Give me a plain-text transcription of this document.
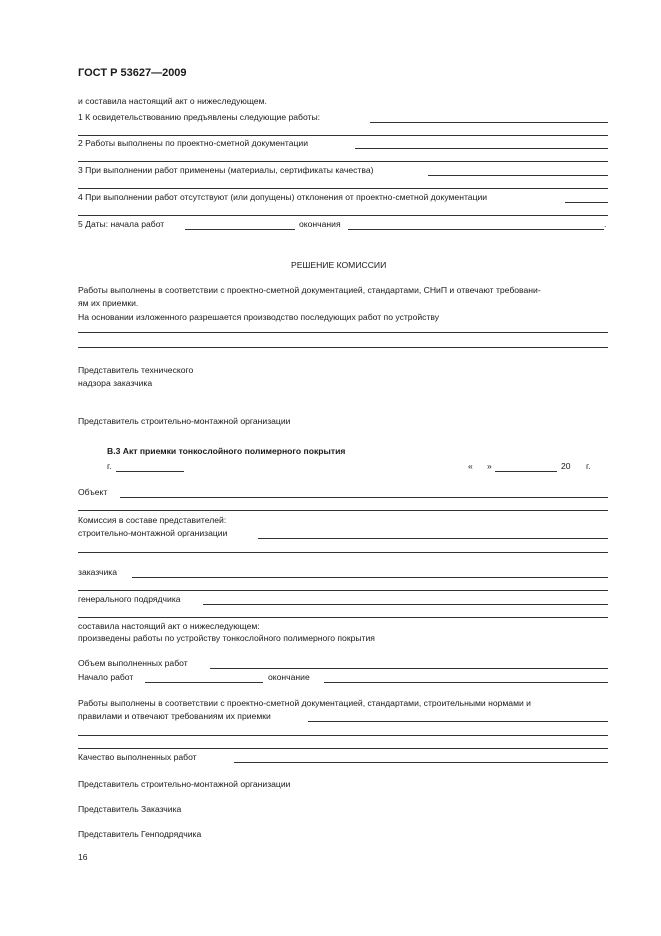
ГОСТ Р 53627—2009
и составила настоящий акт о нижеследующем.
1 К освидетельствованию предъявлены следующие работы:
2 Работы выполнены по проектно-сметной документации
3 При выполнении работ применены (материалы, сертификаты качества)
4 При выполнении работ отсутствуют (или допущены) отклонения от проектно-сметной документации
5 Даты: начала работ	окончания	.
РЕШЕНИЕ КОМИССИИ
Работы выполнены в соответствии с проектно-сметной документацией, стандартами, СНиП и отвечают требовани-
ям их приемки.
На основании изложенного разрешается производство последующих работ по устройству
Представитель технического
надзора заказчика
Представитель строительно-монтажной организации
В.3 Акт приемки тонкослойного полимерного покрытия
г.	« »	20 г.
Объект
Комиссия в составе представителей:
строительно-монтажной организации
заказчика
генерального подрядчика
составила настоящий акт о нижеследующем:
произведены работы по устройству тонкослойного полимерного покрытия
Объем выполненных работ
Начало работ	окончание
Работы выполнены в соответствии с проектно-сметной документацией, стандартами, строительными нормами и
правилами и отвечают требованиям их приемки
Качество выполненных работ
Представитель строительно-монтажной организации
Представитель Заказчика
Представитель Генподрядчика
16
